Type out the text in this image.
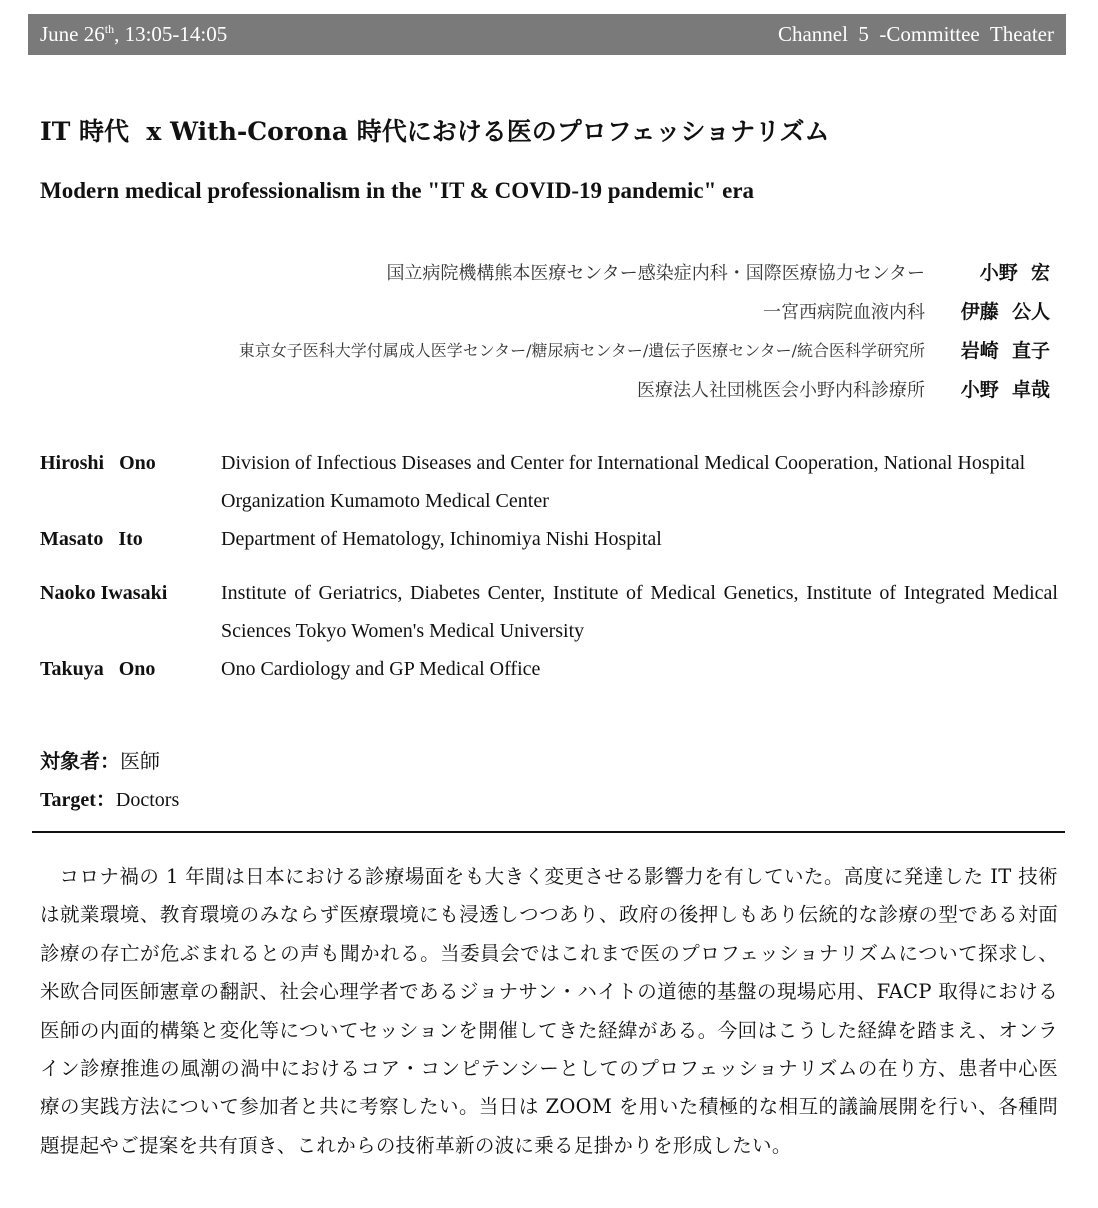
June 26th, 13:05-14:05	Channel  5  -Committee  Theater
IT 時代  x With-Corona 時代における医のプロフェッショナリズム
Modern medical professionalism in the "IT & COVID-19 pandemic" era
国立病院機構熊本医療センター感染症内科・国際医療協力センター	小野  宏
一宮西病院血液内科	伊藤  公人
東京女子医科大学付属成人医学センター/糖尿病センター/遺伝子医療センター/統合医科学研究所	岩崎  直子
医療法人社団桃医会小野内科診療所	小野  卓哉
Hiroshi   Ono	Division of Infectious Diseases and Center for International Medical Cooperation, National Hospital Organization Kumamoto Medical Center
Masato   Ito	Department of Hematology, Ichinomiya Nishi Hospital
Naoko Iwasaki	Institute of Geriatrics, Diabetes Center, Institute of Medical Genetics, Institute of Integrated Medical Sciences Tokyo Women's Medical University
Takuya   Ono	Ono Cardiology and GP Medical Office
対象者：医師
Target：Doctors
コロナ禍の 1 年間は日本における診療場面をも大きく変更させる影響力を有していた。高度に発達した IT 技術は就業環境、教育環境のみならず医療環境にも浸透しつつあり、政府の後押しもあり伝統的な診療の型である対面診療の存亡が危ぶまれるとの声も聞かれる。当委員会ではこれまで医のプロフェッショナリズムについて探求し、米欧合同医師憲章の翻訳、社会心理学者であるジョナサン・ハイトの道徳的基盤の現場応用、FACP 取得における医師の内面的構築と変化等についてセッションを開催してきた経緯がある。今回はこうした経緯を踏まえ、オンライン診療推進の風潮の渦中におけるコア・コンピテンシーとしてのプロフェッショナリズムの在り方、患者中心医療の実践方法について参加者と共に考察したい。当日は ZOOM を用いた積極的な相互的議論展開を行い、各種問題提起やご提案を共有頂き、これからの技術革新の波に乗る足掛かりを形成したい。
